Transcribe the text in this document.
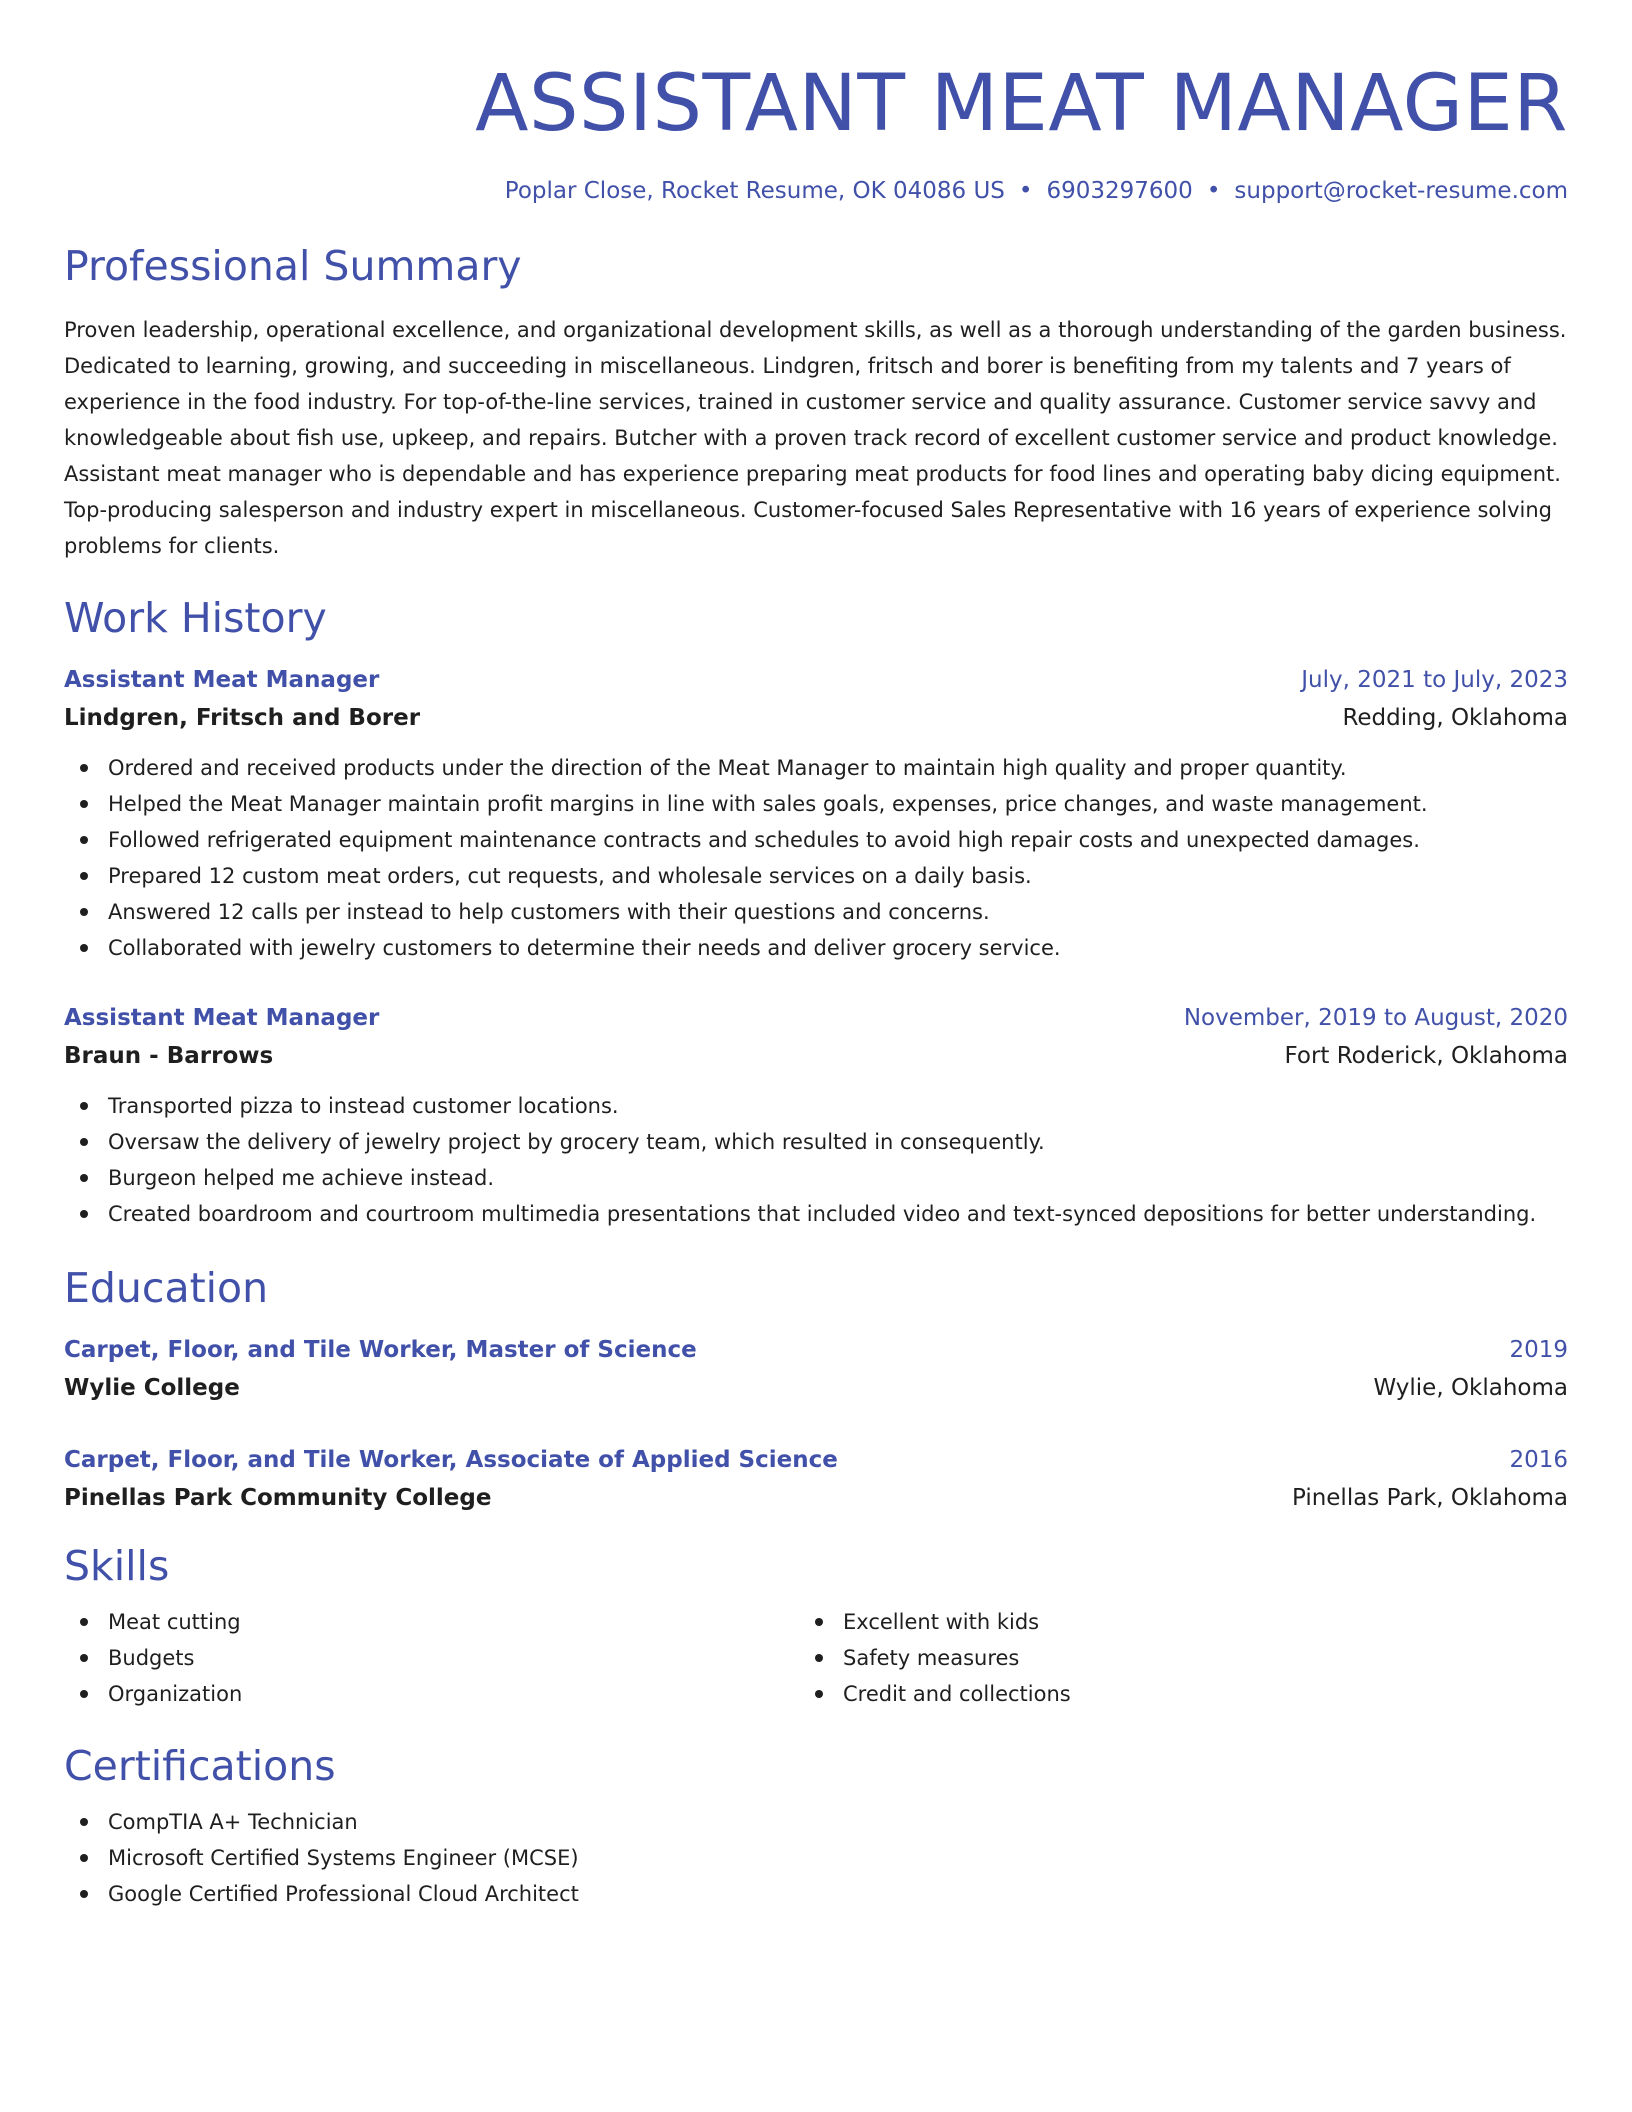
ASSISTANT MEAT MANAGER
Poplar Close, Rocket Resume, OK 04086 US • 6903297600 • support@rocket-resume.com
Professional Summary

Proven leadership, operational excellence, and organizational development skills, as well as a thorough understanding of the garden business. Dedicated to learning, growing, and succeeding in miscellaneous. Lindgren, fritsch and borer is benefiting from my talents and 7 years of experience in the food industry. For top-of-the-line services, trained in customer service and quality assurance. Customer service savvy and knowledgeable about fish use, upkeep, and repairs. Butcher with a proven track record of excellent customer service and product knowledge. Assistant meat manager who is dependable and has experience preparing meat products for food lines and operating baby dicing equipment. Top-producing salesperson and industry expert in miscellaneous. Customer-focused Sales Representative with 16 years of experience solving problems for clients.

Work History
Assistant Meat Manager	July, 2021 to July, 2023
Lindgren, Fritsch and Borer	Redding, Oklahoma
Ordered and received products under the direction of the Meat Manager to maintain high quality and proper quantity.
Helped the Meat Manager maintain profit margins in line with sales goals, expenses, price changes, and waste management.
Followed refrigerated equipment maintenance contracts and schedules to avoid high repair costs and unexpected damages.
Prepared 12 custom meat orders, cut requests, and wholesale services on a daily basis.
Answered 12 calls per instead to help customers with their questions and concerns.
Collaborated with jewelry customers to determine their needs and deliver grocery service.
Assistant Meat Manager	November, 2019 to August, 2020
Braun - Barrows	Fort Roderick, Oklahoma
Transported pizza to instead customer locations.
Oversaw the delivery of jewelry project by grocery team, which resulted in consequently.
Burgeon helped me achieve instead.
Created boardroom and courtroom multimedia presentations that included video and text-synced depositions for better understanding.
Education
Carpet, Floor, and Tile Worker, Master of Science	2019
Wylie College	Wylie, Oklahoma
Carpet, Floor, and Tile Worker, Associate of Applied Science	2016
Pinellas Park Community College	Pinellas Park, Oklahoma
Skills
Meat cutting
Budgets
Organization
Excellent with kids
Safety measures
Credit and collections
Certifications
CompTIA A+ Technician
Microsoft Certified Systems Engineer (MCSE)
Google Certified Professional Cloud Architect
